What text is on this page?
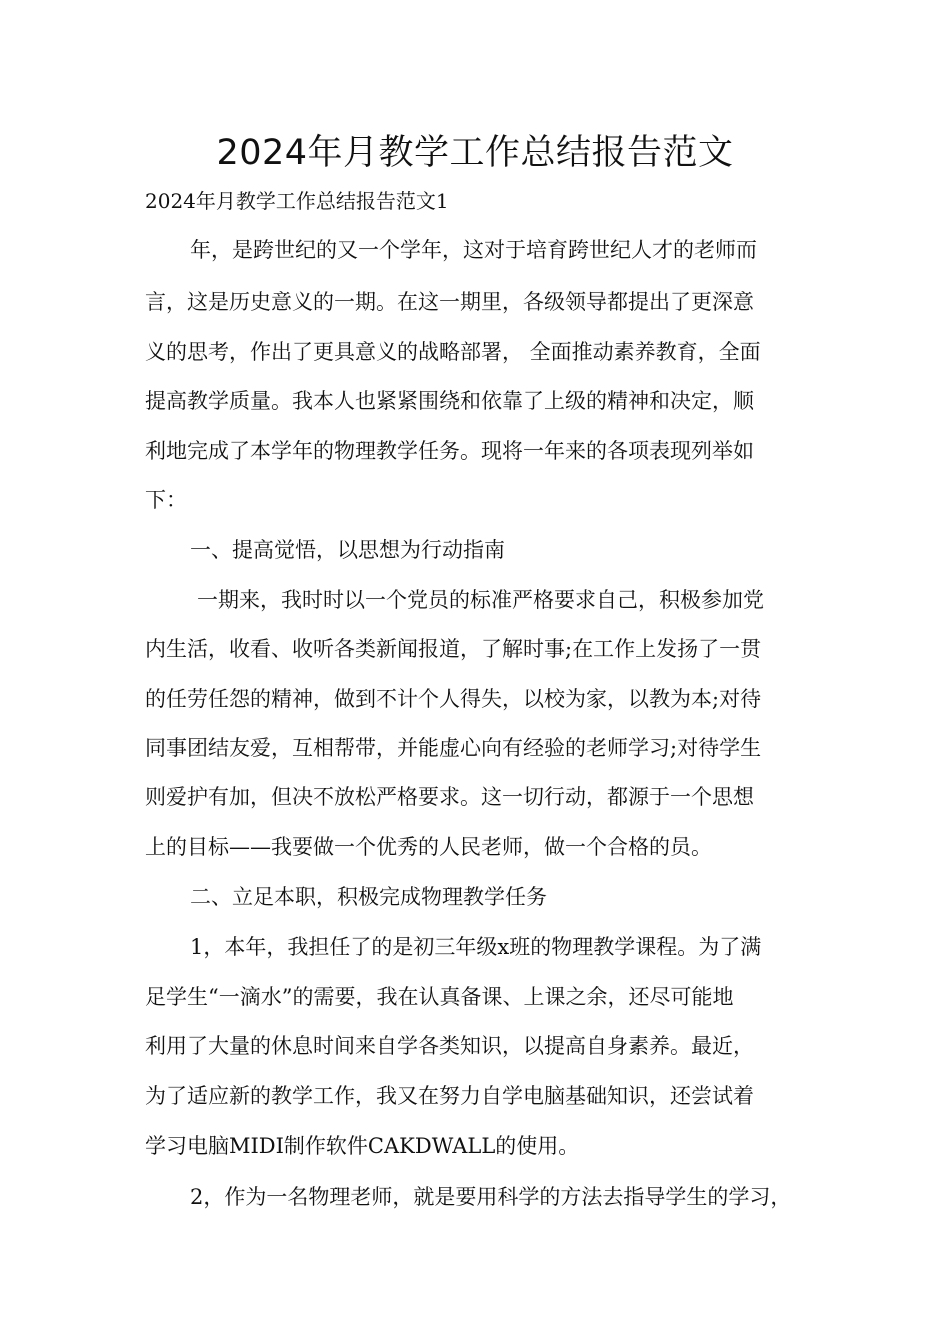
2024年月教学工作总结报告范文

2024年月教学工作总结报告范文1

年，是跨世纪的又一个学年，这对于培育跨世纪人才的老师而

言，这是历史意义的一期。在这一期里，各级领导都提出了更深意

义的思考，作出了更具意义的战略部署， 全面推动素养教育，全面

提高教学质量。我本人也紧紧围绕和依靠了上级的精神和决定，顺

利地完成了本学年的物理教学任务。现将一年来的各项表现列举如

下：

一、提高觉悟，以思想为行动指南

一期来，我时时以一个党员的标准严格要求自己，积极参加党

内生活，收看、收听各类新闻报道，了解时事;在工作上发扬了一贯

的任劳任怨的精神，做到不计个人得失，以校为家，以教为本;对待

同事团结友爱，互相帮带，并能虚心向有经验的老师学习;对待学生

则爱护有加，但决不放松严格要求。这一切行动，都源于一个思想

上的目标——我要做一个优秀的人民老师，做一个合格的员。

二、立足本职，积极完成物理教学任务

1，本年，我担任了的是初三年级x班的物理教学课程。为了满

足学生“一滴水”的需要，我在认真备课、上课之余，还尽可能地

利用了大量的休息时间来自学各类知识，以提高自身素养。最近，

为了适应新的教学工作，我又在努力自学电脑基础知识，还尝试着

学习电脑MIDI制作软件CAKDWALL的使用。

2，作为一名物理老师，就是要用科学的方法去指导学生的学习，
